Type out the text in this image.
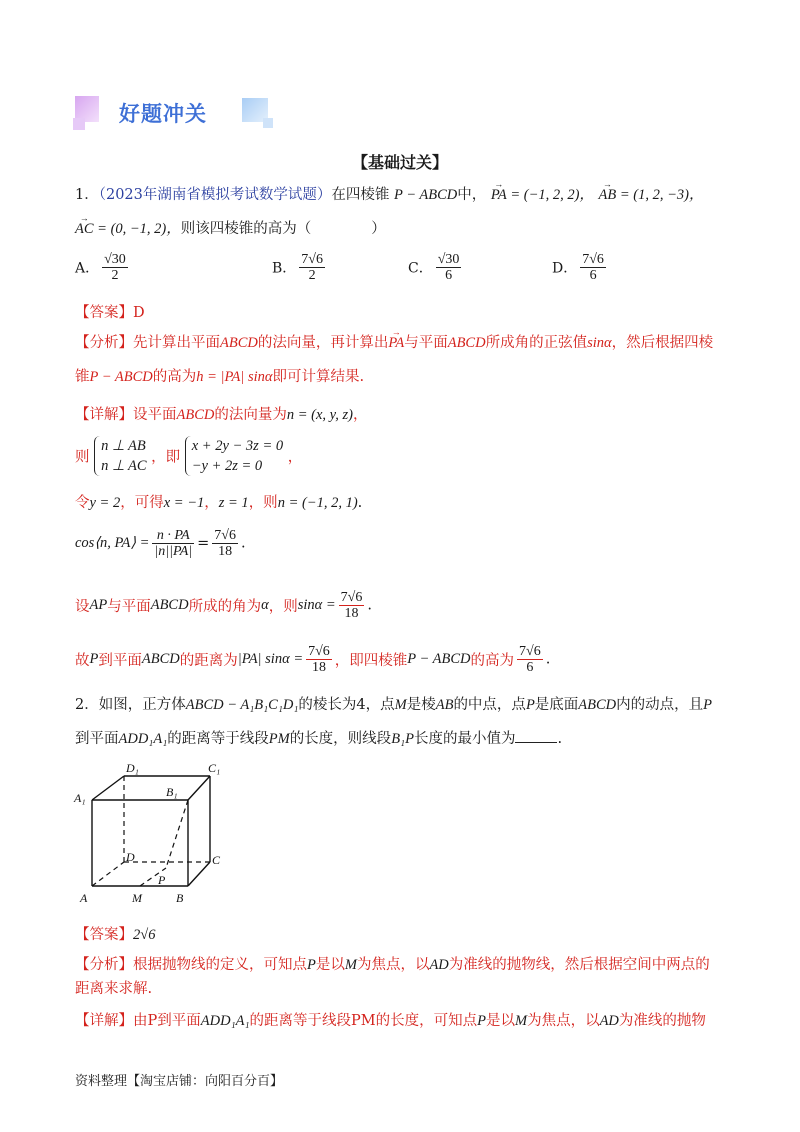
好题冲关
【基础过关】
1．（2023年湖南省模拟考试数学试题）在四棱锥 P − ABCD中， → PA = (−1, 2, 2)， → AB = (1, 2, −3)，
→ AC = (0, −1, 2)，则该四棱锥的高为（	）
A． $\frac{√30}{2}$	B． $\frac{7√6}{2}$	C． $\frac{√30}{6}$	D． $\frac{7√6}{6}$
【答案】D
【分析】先计算出平面ABCD的法向量，再计算出→ PA与平面ABCD所成角的正弦值sinα，然后根据四棱
锥P − ABCD的高为h = |PA| sinα即可计算结果.
【详解】设平面ABCD的法向量为n = (x, y, z)，
则
n ⊥ AB
n ⊥ AC
，即
x + 2y − 3z = 0
−y + 2z = 0
，
令y = 2，可得x = −1，z = 1，则n = (−1, 2, 1).
cos⟨n, PA⟩ = $\frac{n \cdot PA}{|n||PA|} = \frac{7√6}{18}$ .
设AP与平面ABCD所成的角为α，则$\sin\alpha = \frac{7√6}{18}$ .
故P到平面ABCD的距离为|PA| $\sin\alpha = \frac{7√6}{18}$ ，即四棱锥P − ABCD的高为 $\frac{7√6}{6}$ .
2．如图，正方体ABCD − A₁B₁C₁D₁的棱长为4，点M是棱AB的中点，点P是底面ABCD内的动点，且P
到平面ADD₁A₁的距离等于线段PM的长度，则线段B₁P长度的最小值为	.
D₁	C₁
A₁	B₁
D	C
A	M
P
B
【答案】2√6
【分析】根据抛物线的定义，可知点P是以M为焦点，以AD为准线的抛物线，然后根据空间中两点的
距离来求解.
【详解】由P到平面ADD₁A₁的距离等于线段PM的长度，可知点P是以M为焦点，以AD为准线的抛物
资料整理【淘宝店铺：向阳百分百】
